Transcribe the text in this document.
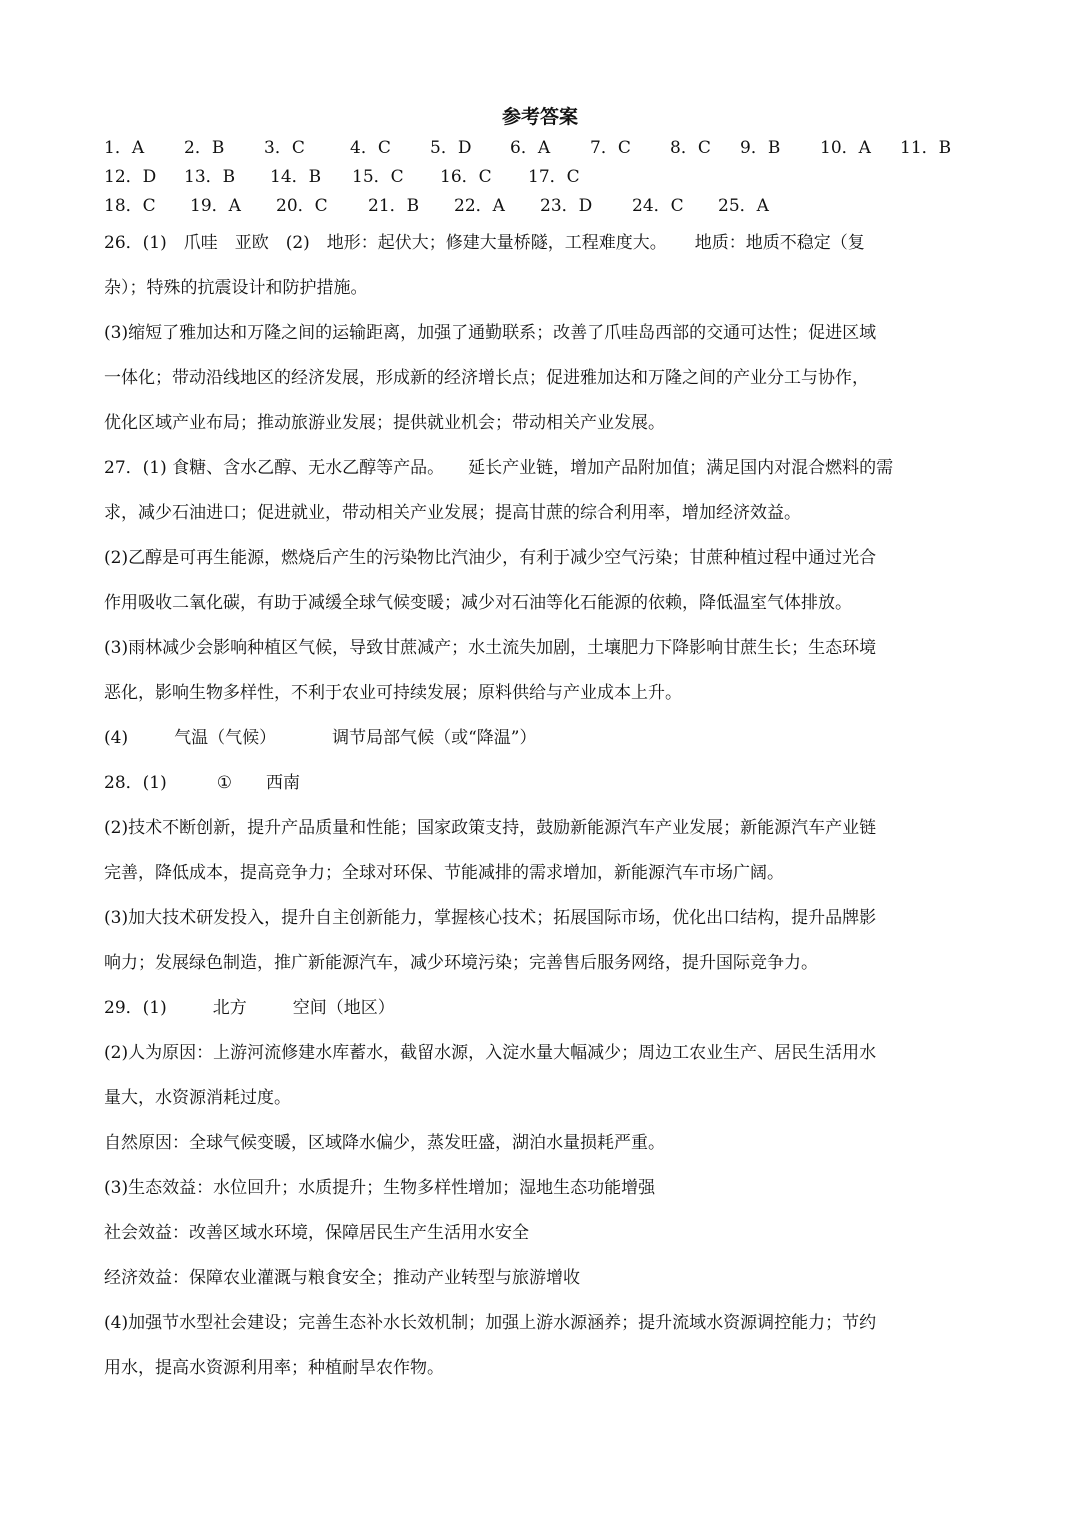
参考答案
1．A	2．B	3．C	4．C	5．D	6．A	7．C	8．C	9．B	10．A	11．B
12．D	13．B	14．B	15．C	16．C	17．C
18．C	19．A	20．C	21．B	22．A	23．D	24．C	25．A
26．(1)　爪哇　亚欧　(2)　地形：起伏大；修建大量桥隧，工程难度大。 地质：地质不稳定（复
杂）；特殊的抗震设计和防护措施。
(3)缩短了雅加达和万隆之间的运输距离，加强了通勤联系；改善了爪哇岛西部的交通可达性；促进区域
一体化；带动沿线地区的经济发展，形成新的经济增长点；促进雅加达和万隆之间的产业分工与协作，
优化区域产业布局；推动旅游业发展；提供就业机会；带动相关产业发展。
27．(1) 食糖、含水乙醇、无水乙醇等产品。 延长产业链，增加产品附加值；满足国内对混合燃料的需
求，减少石油进口；促进就业，带动相关产业发展；提高甘蔗的综合利用率，增加经济效益。
(2)乙醇是可再生能源，燃烧后产生的污染物比汽油少，有利于减少空气污染；甘蔗种植过程中通过光合
作用吸收二氧化碳，有助于减缓全球气候变暖；减少对石油等化石能源的依赖，降低温室气体排放。
(3)雨林减少会影响种植区气候，导致甘蔗减产；水土流失加剧，土壤肥力下降影响甘蔗生长；生态环境
恶化，影响生物多样性，不利于农业可持续发展；原料供给与产业成本上升。
(4)	气温（气候）	调节局部气候（或“降温”）
28．(1)	① 西南
(2)技术不断创新，提升产品质量和性能；国家政策支持，鼓励新能源汽车产业发展；新能源汽车产业链
完善，降低成本，提高竞争力；全球对环保、节能减排的需求增加，新能源汽车市场广阔。
(3)加大技术研发投入，提升自主创新能力，掌握核心技术；拓展国际市场，优化出口结构，提升品牌影
响力；发展绿色制造，推广新能源汽车，减少环境污染；完善售后服务网络，提升国际竞争力。
29．(1)	北方	空间（地区）
(2)人为原因：上游河流修建水库蓄水，截留水源，入淀水量大幅减少；周边工农业生产、居民生活用水
量大，水资源消耗过度。
自然原因：全球气候变暖，区域降水偏少，蒸发旺盛，湖泊水量损耗严重。
(3)生态效益：水位回升；水质提升；生物多样性增加；湿地生态功能增强
社会效益：改善区域水环境，保障居民生产生活用水安全
经济效益：保障农业灌溉与粮食安全；推动产业转型与旅游增收
(4)加强节水型社会建设；完善生态补水长效机制；加强上游水源涵养；提升流域水资源调控能力；节约
用水，提高水资源利用率；种植耐旱农作物。
